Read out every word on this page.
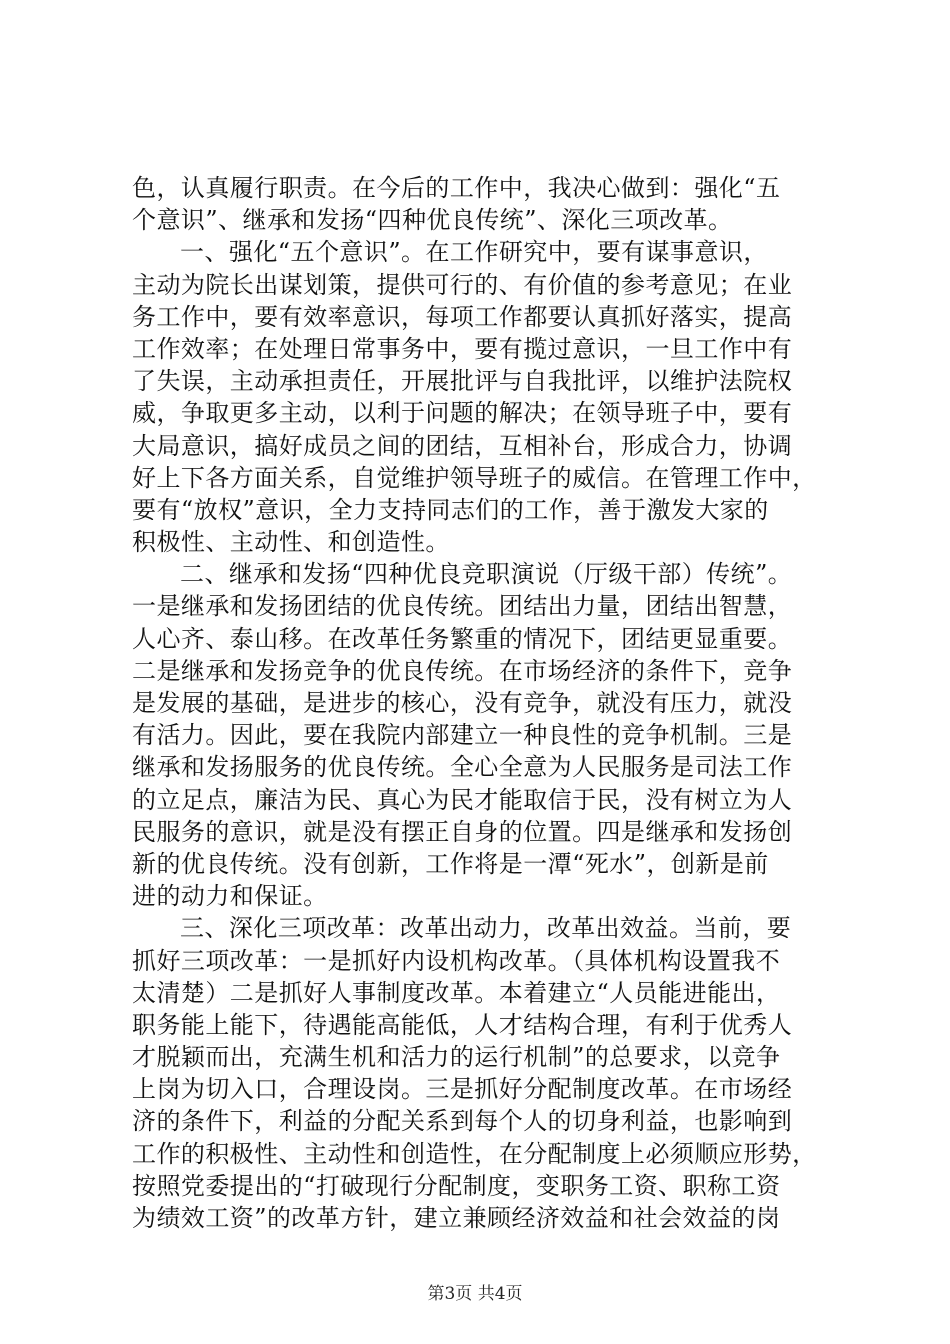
色，认真履行职责。在今后的工作中，我决心做到：强化“五
个意识”、继承和发扬“四种优良传统”、深化三项改革。
一、强化“五个意识”。在工作研究中，要有谋事意识，
主动为院长出谋划策，提供可行的、有价值的参考意见；在业
务工作中，要有效率意识，每项工作都要认真抓好落实，提高
工作效率；在处理日常事务中，要有揽过意识，一旦工作中有
了失误，主动承担责任，开展批评与自我批评，以维护法院权
威，争取更多主动，以利于问题的解决；在领导班子中，要有
大局意识，搞好成员之间的团结，互相补台，形成合力，协调
好上下各方面关系，自觉维护领导班子的威信。在管理工作中，
要有“放权”意识，全力支持同志们的工作，善于激发大家的
积极性、主动性、和创造性。
二、继承和发扬“四种优良竞职演说（厅级干部）传统”。
一是继承和发扬团结的优良传统。团结出力量，团结出智慧，
人心齐、泰山移。在改革任务繁重的情况下，团结更显重要。
二是继承和发扬竞争的优良传统。在市场经济的条件下，竞争
是发展的基础，是进步的核心，没有竞争，就没有压力，就没
有活力。因此，要在我院内部建立一种良性的竞争机制。三是
继承和发扬服务的优良传统。全心全意为人民服务是司法工作
的立足点，廉洁为民、真心为民才能取信于民，没有树立为人
民服务的意识，就是没有摆正自身的位置。四是继承和发扬创
新的优良传统。没有创新，工作将是一潭“死水”，创新是前
进的动力和保证。
三、深化三项改革：改革出动力，改革出效益。当前，要
抓好三项改革：一是抓好内设机构改革。（具体机构设置我不
太清楚）二是抓好人事制度改革。本着建立“人员能进能出，
职务能上能下，待遇能高能低，人才结构合理，有利于优秀人
才脱颖而出，充满生机和活力的运行机制”的总要求，以竞争
上岗为切入口，合理设岗。三是抓好分配制度改革。在市场经
济的条件下，利益的分配关系到每个人的切身利益，也影响到
工作的积极性、主动性和创造性，在分配制度上必须顺应形势，
按照党委提出的“打破现行分配制度，变职务工资、职称工资
为绩效工资”的改革方针，建立兼顾经济效益和社会效益的岗
第3页 共4页
